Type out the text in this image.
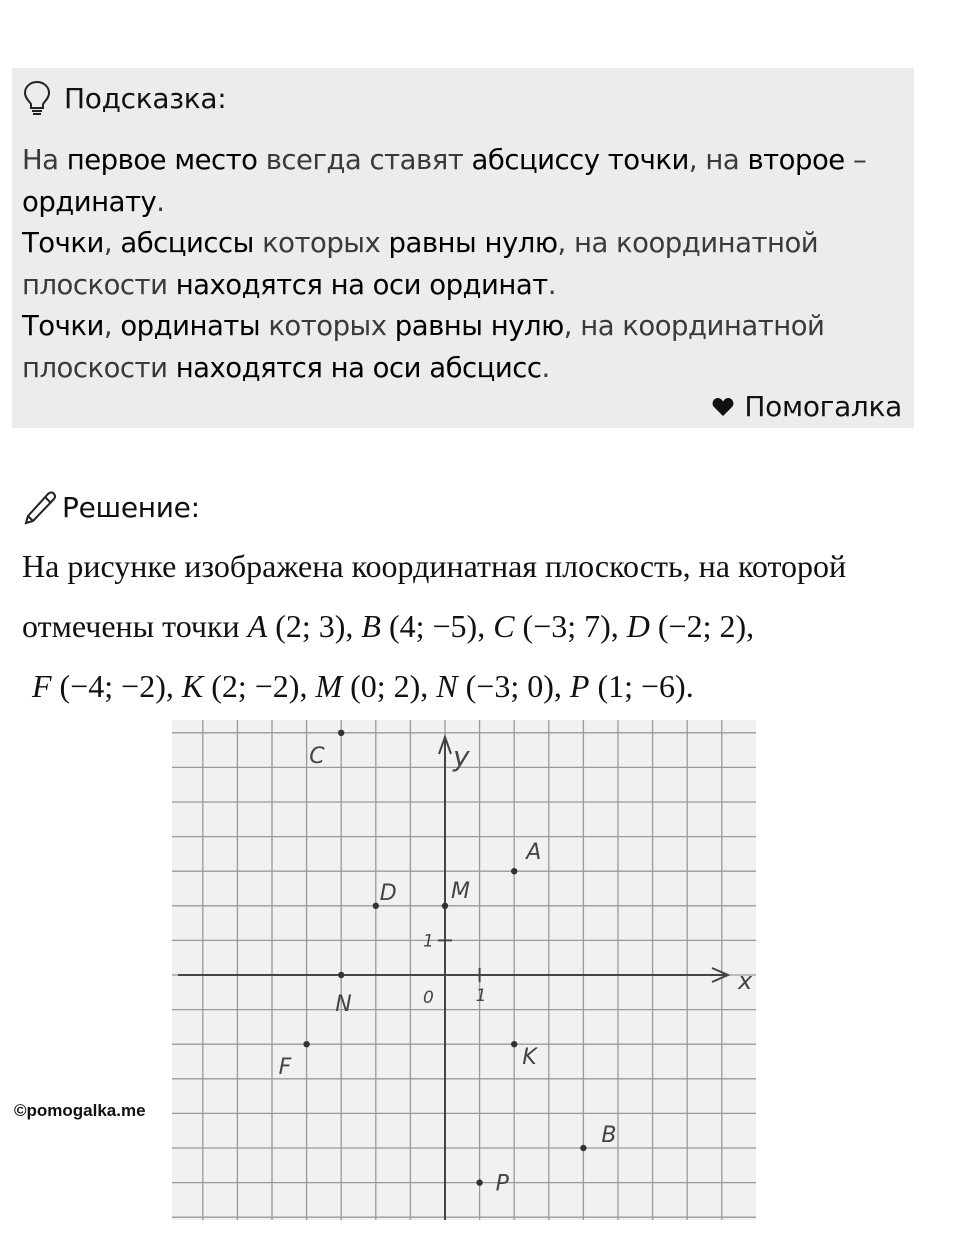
Подсказка:
На первое место всегда ставят абсциссу точки, на второе –
ординату.
Точки, абсциссы которых равны нулю, на координатной
плоскости находятся на оси ординат.
Точки, ординаты которых равны нулю, на координатной
плоскости находятся на оси абсцисс.
Помогалка
Решение:
На рисунке изображена координатная плоскость, на которой
отмечены точки A (2; 3), B (4; −5), C (−3; 7), D (−2; 2),
F (−4; −2), K (2; −2), M (0; 2), N (−3; 0), P (1; −6).
x
y
0 1
1
A
B
C
D
F	K
M
N
P
©pomogalka.me
